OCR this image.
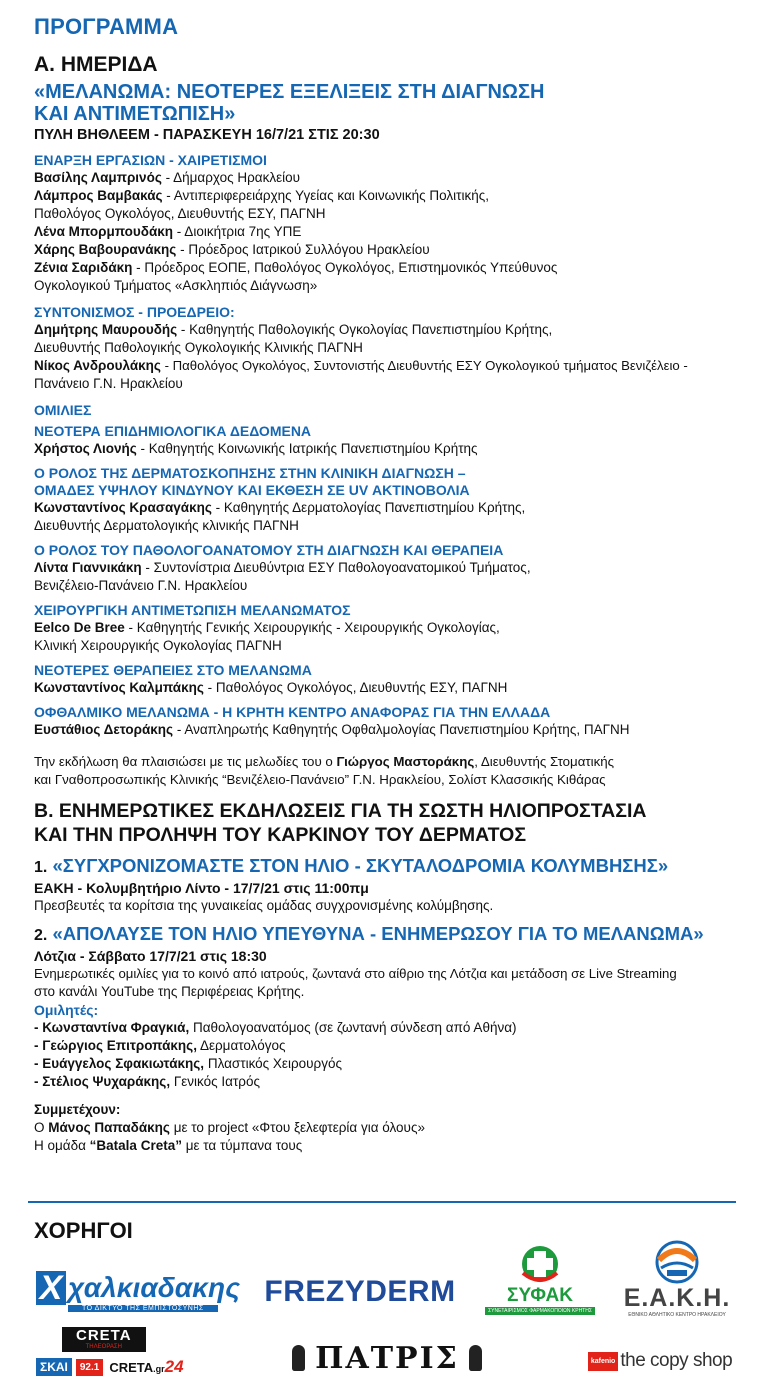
ΠΡΟΓΡΑΜΜΑ
Α. ΗΜΕΡΙΔΑ
«ΜΕΛΑΝΩΜΑ: ΝΕΟΤΕΡΕΣ ΕΞΕΛΙΞΕΙΣ ΣΤΗ ΔΙΑΓΝΩΣΗ
ΚΑΙ ΑΝΤΙΜΕΤΩΠΙΣΗ»
ΠΥΛΗ ΒΗΘΛΕΕΜ - ΠΑΡΑΣΚΕΥΗ 16/7/21 ΣΤΙΣ 20:30
ΕΝΑΡΞΗ ΕΡΓΑΣΙΩΝ - ΧΑΙΡΕΤΙΣΜΟΙ
Βασίλης Λαμπρινός - Δήμαρχος Ηρακλείου
Λάμπρος Βαμβακάς - Αντιπεριφερειάρχης Υγείας και Κοινωνικής Πολιτικής,
Παθολόγος Ογκολόγος, Διευθυντής ΕΣΥ, ΠΑΓΝΗ
Λένα Μπορμπουδάκη - Διοικήτρια 7ης ΥΠΕ
Χάρης Βαβουρανάκης - Πρόεδρος Ιατρικού Συλλόγου Ηρακλείου
Ζένια Σαριδάκη - Πρόεδρος ΕΟΠΕ, Παθολόγος Ογκολόγος, Επιστημονικός Υπεύθυνος
Ογκολογικού Τμήματος «Ασκληπιός Διάγνωση»
ΣΥΝΤΟΝΙΣΜΟΣ - ΠΡΟΕΔΡΕΙΟ:
Δημήτρης Μαυρουδής - Καθηγητής Παθολογικής Ογκολογίας Πανεπιστημίου Κρήτης,
Διευθυντής Παθολογικής Ογκολογικής Κλινικής ΠΑΓΝΗ
Νίκος Ανδρουλάκης - Παθολόγος Ογκολόγος, Συντονιστής Διευθυντής ΕΣΥ Ογκολογικού τμήματος Βενιζέλειο -
Πανάνειο Γ.Ν. Ηρακλείου
ΟΜΙΛΙΕΣ
ΝΕΟΤΕΡΑ ΕΠΙΔΗΜΙΟΛΟΓΙΚΑ ΔΕΔΟΜΕΝΑ
Χρήστος Λιονής - Καθηγητής Κοινωνικής Ιατρικής Πανεπιστημίου Κρήτης
Ο ΡΟΛΟΣ ΤΗΣ ΔΕΡΜΑΤΟΣΚΟΠΗΣΗΣ ΣΤΗΝ ΚΛΙΝΙΚΗ ΔΙΑΓΝΩΣΗ –
ΟΜΑΔΕΣ ΥΨΗΛΟΥ ΚΙΝΔΥΝΟΥ ΚΑΙ ΕΚΘΕΣΗ ΣΕ UV ΑΚΤΙΝΟΒΟΛΙΑ
Κωνσταντίνος Κρασαγάκης - Καθηγητής Δερματολογίας Πανεπιστημίου Κρήτης,
Διευθυντής Δερματολογικής κλινικής ΠΑΓΝΗ
Ο ΡΟΛΟΣ ΤΟΥ ΠΑΘΟΛΟΓΟΑΝΑΤΟΜΟΥ ΣΤΗ ΔΙΑΓΝΩΣΗ ΚΑΙ ΘΕΡΑΠΕΙΑ
Λίντα Γιαννικάκη - Συντονίστρια Διευθύντρια ΕΣΥ Παθολογοανατομικού Τμήματος,
Βενιζέλειο-Πανάνειο Γ.Ν. Ηρακλείου
ΧΕΙΡΟΥΡΓΙΚΗ ΑΝΤΙΜΕΤΩΠΙΣΗ ΜΕΛΑΝΩΜΑΤΟΣ
Eelco De Bree - Καθηγητής Γενικής Χειρουργικής - Χειρουργικής Ογκολογίας,
Κλινική Χειρουργικής Ογκολογίας ΠΑΓΝΗ
ΝΕΟΤΕΡΕΣ ΘΕΡΑΠΕΙΕΣ ΣΤΟ ΜΕΛΑΝΩΜΑ
Κωνσταντίνος Καλμπάκης - Παθολόγος Ογκολόγος, Διευθυντής ΕΣΥ, ΠΑΓΝΗ
ΟΦΘΑΛΜΙΚΟ ΜΕΛΑΝΩΜΑ - Η ΚΡΗΤΗ ΚΕΝΤΡΟ ΑΝΑΦΟΡΑΣ ΓΙΑ ΤΗΝ ΕΛΛΑΔΑ
Ευστάθιος Δετοράκης - Αναπληρωτής Καθηγητής Οφθαλμολογίας Πανεπιστημίου Κρήτης, ΠΑΓΝΗ
Την εκδήλωση θα πλαισιώσει με τις μελωδίες του ο Γιώργος Μαστοράκης, Διευθυντής Στοματικής
και Γναθοπροσωπικής Κλινικής “Βενιζέλειο-Πανάνειο” Γ.Ν. Ηρακλείου, Σολίστ Κλασσικής Κιθάρας
Β. ΕΝΗΜΕΡΩΤΙΚΕΣ ΕΚΔΗΛΩΣΕΙΣ ΓΙΑ ΤΗ ΣΩΣΤΗ ΗΛΙΟΠΡΟΣΤΑΣΙΑ
ΚΑΙ ΤΗΝ ΠΡΟΛΗΨΗ ΤΟΥ ΚΑΡΚΙΝΟΥ ΤΟΥ ΔΕΡΜΑΤΟΣ
1. «ΣΥΓΧΡΟΝΙΖΟΜΑΣΤΕ ΣΤΟΝ ΗΛΙΟ - ΣΚΥΤΑΛΟΔΡΟΜΙΑ ΚΟΛΥΜΒΗΣΗΣ»
ΕΑΚΗ - Κολυμβητήριο Λίντο - 17/7/21 στις 11:00πμ
Πρεσβευτές τα κορίτσια της γυναικείας ομάδας συγχρονισμένης κολύμβησης.
2. «ΑΠΟΛΑΥΣΕ ΤΟΝ ΗΛΙΟ ΥΠΕΥΘΥΝΑ - ΕΝΗΜΕΡΩΣΟΥ ΓΙΑ ΤΟ ΜΕΛΑΝΩΜΑ»
Λότζια - Σάββατο 17/7/21 στις 18:30
Ενημερωτικές ομιλίες για το κοινό από ιατρούς, ζωντανά στο αίθριο της Λότζια και μετάδοση σε Live Streaming
στο κανάλι YouTube της Περιφέρειας Κρήτης.
Ομιλητές:
- Κωνσταντίνα Φραγκιά, Παθολογοανατόμος (σε ζωντανή σύνδεση από Αθήνα)
- Γεώργιος Επιτροπάκης, Δερματολόγος
- Ευάγγελος Σφακιωτάκης, Πλαστικός Χειρουργός
- Στέλιος Ψυχαράκης, Γενικός Ιατρός
Συμμετέχουν:
Ο Μάνος Παπαδάκης με το project «Φτου ξελεφτερία για όλους»
Η ομάδα “Batala Creta” με τα τύμπανα τους
ΧΟΡΗΓΟΙ
X χαλκιαδακης
ΤΟ ΔΙΚΤΥΟ ΤΗΣ ΕΜΠΙΣΤΟΣΥΝΗΣ	FREZYDERM	ΣΥΦΑΚ
ΣΥΝΕΤΑΙΡΙΣΜΟΣ ΦΑΡΜΑΚΟΠΟΙΩΝ ΚΡΗΤΗΣ Ε.Α.Κ.Η.
ΕΘΝΙΚΟ ΑΘΛΗΤΙΚΟ ΚΕΝΤΡΟ ΗΡΑΚΛΕΙΟΥ
CRETA
ΤΗΛΕΟΡΑΣΗ
ΣΚΑΙ	92.1 CRETA.gr24	ΠΑΤΡΙΣ	kafenio the copy shop
